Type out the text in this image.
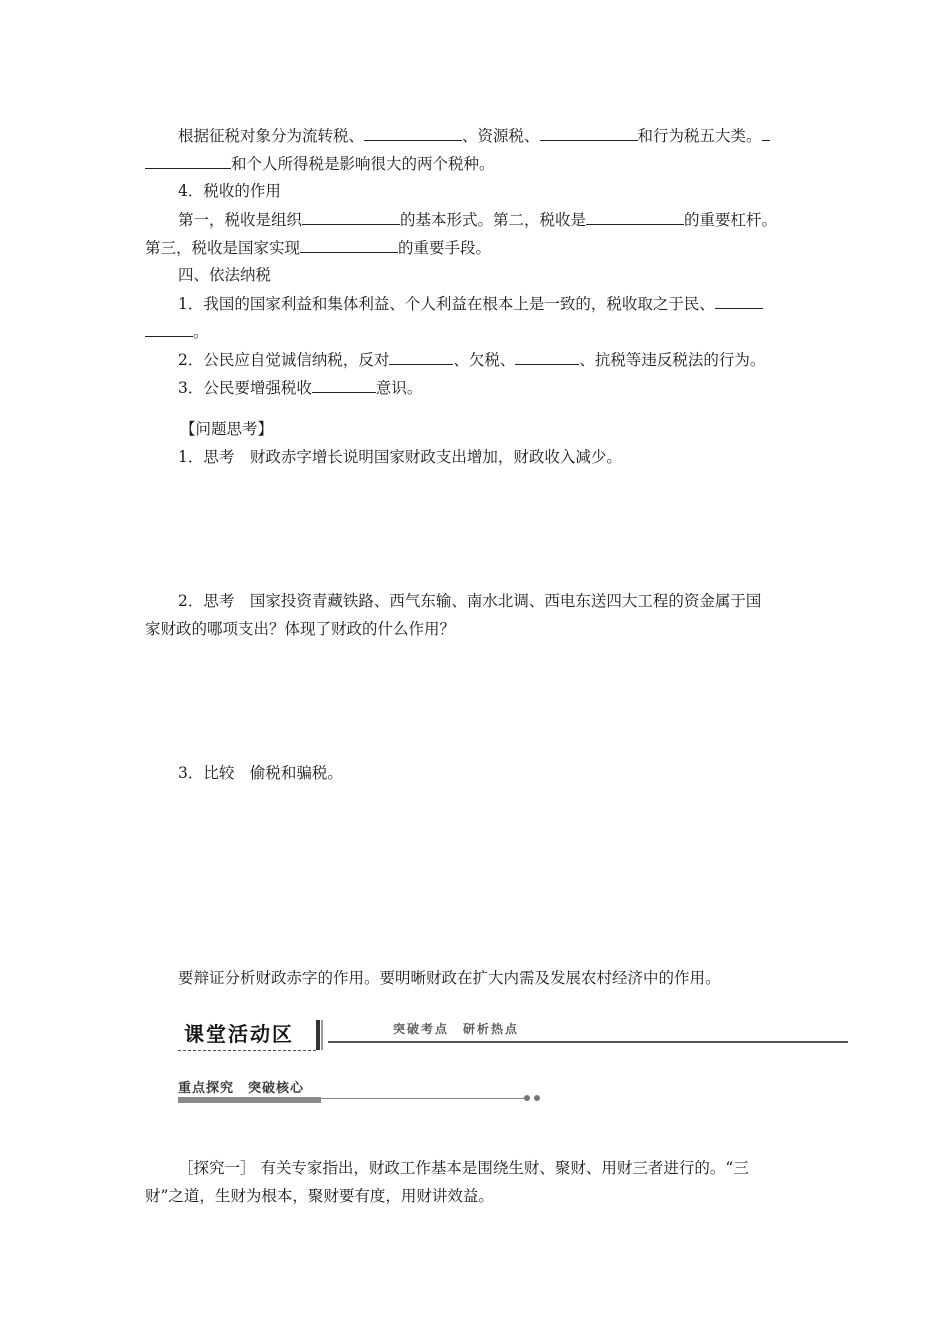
根据征税对象分为流转税、	、资源税、	和行为税五大类。
和个人所得税是影响很大的两个税种。
4．税收的作用
第一，税收是组织	的基本形式。第二，税收是	的重要杠杆。
第三，税收是国家实现	的重要手段。
四、依法纳税
1．我国的国家利益和集体利益、个人利益在根本上是一致的，税收取之于民、
。
2．公民应自觉诚信纳税，反对	、欠税、	、抗税等违反税法的行为。
3．公民要增强税收	意识。
【问题思考】
1．思考　财政赤字增长说明国家财政支出增加，财政收入减少。
2．思考　国家投资青藏铁路、西气东输、南水北调、西电东送四大工程的资金属于国
家财政的哪项支出？体现了财政的什么作用？
3．比较　偷税和骗税。
要辩证分析财政赤字的作用。要明晰财政在扩大内需及发展农村经济中的作用。
课堂活动区	突破考点　研析热点
重点探究　突破核心
［探究一］ 有关专家指出，财政工作基本是围绕生财、聚财、用财三者进行的。“三
财”之道，生财为根本，聚财要有度，用财讲效益。
